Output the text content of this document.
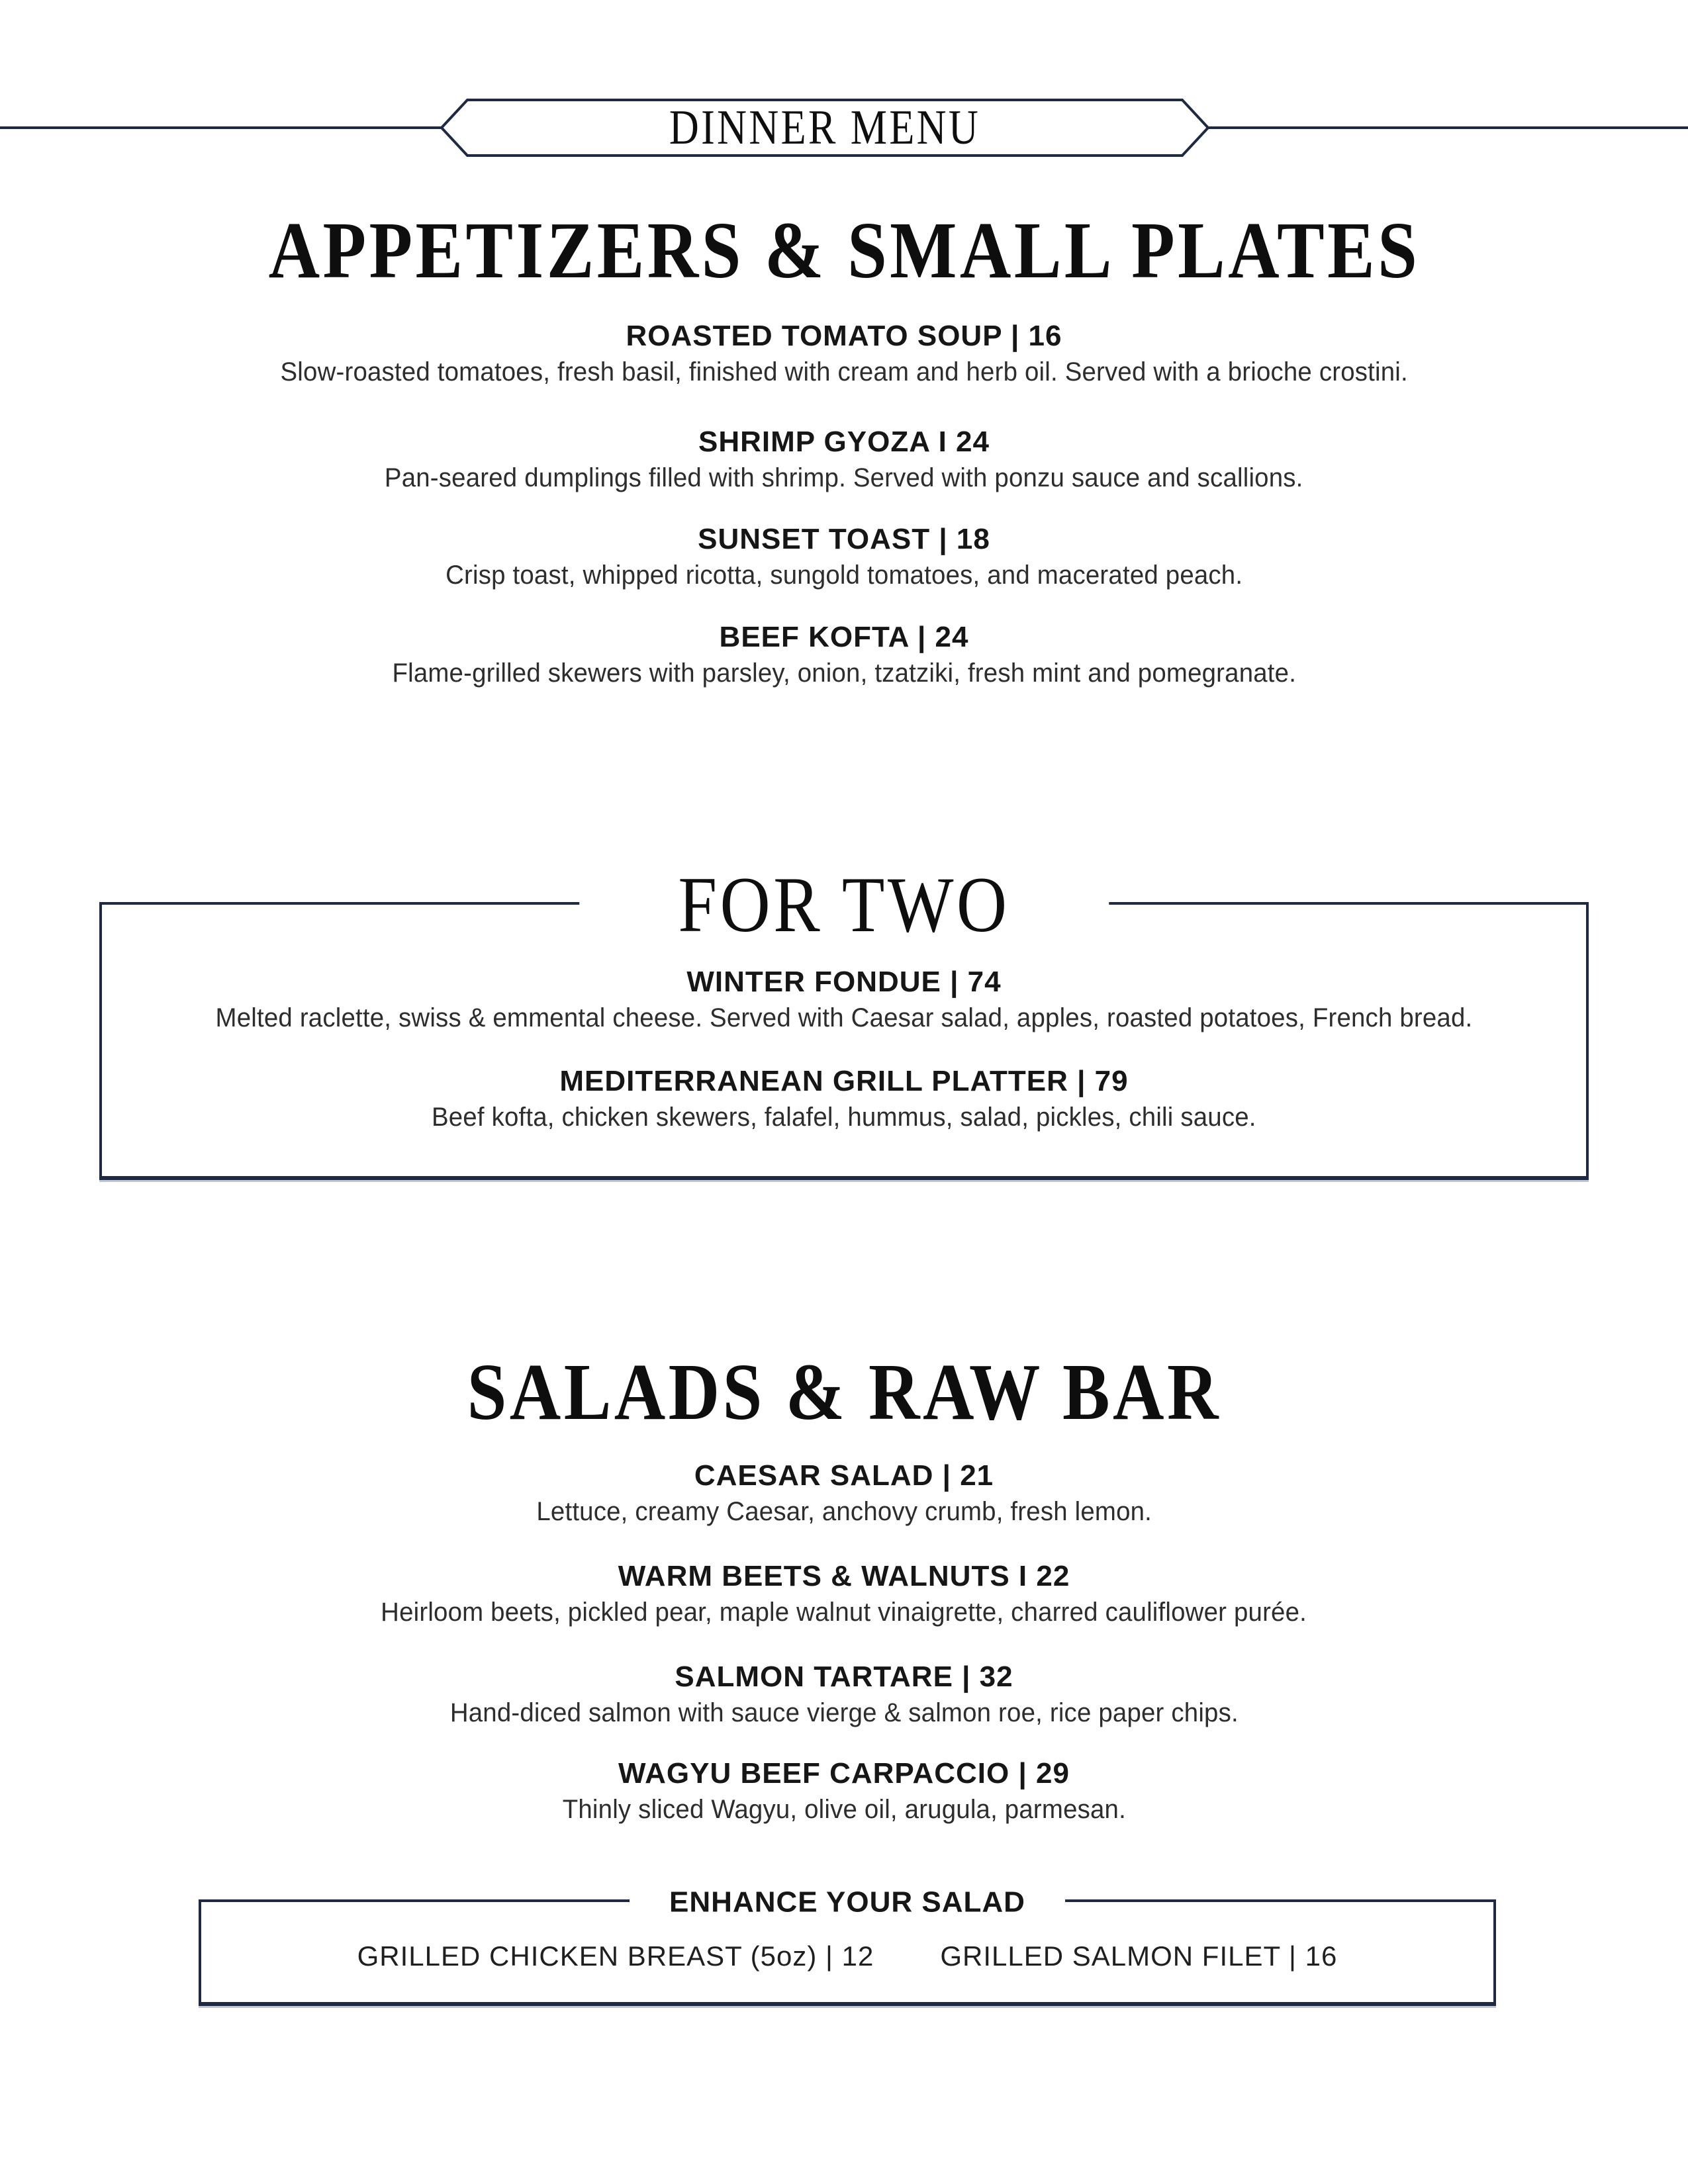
DINNER MENU
APPETIZERS & SMALL PLATES
ROASTED TOMATO SOUP | 16
Slow-roasted tomatoes, fresh basil, finished with cream and herb oil. Served with a brioche crostini.
SHRIMP GYOZA I 24
Pan-seared dumplings filled with shrimp. Served with ponzu sauce and scallions.
SUNSET TOAST | 18
Crisp toast, whipped ricotta, sungold tomatoes, and macerated peach.
BEEF KOFTA | 24
Flame-grilled skewers with parsley, onion, tzatziki, fresh mint and pomegranate.
FOR TWO
WINTER FONDUE | 74
Melted raclette, swiss & emmental cheese. Served with Caesar salad, apples, roasted potatoes, French bread.
MEDITERRANEAN GRILL PLATTER | 79
Beef kofta, chicken skewers, falafel, hummus, salad, pickles, chili sauce.
SALADS & RAW BAR
CAESAR SALAD | 21
Lettuce, creamy Caesar, anchovy crumb, fresh lemon.
WARM BEETS & WALNUTS I 22
Heirloom beets, pickled pear, maple walnut vinaigrette, charred cauliflower purée.
SALMON TARTARE | 32
Hand-diced salmon with sauce vierge & salmon roe, rice paper chips.
WAGYU BEEF CARPACCIO | 29
Thinly sliced Wagyu, olive oil, arugula, parmesan.
ENHANCE YOUR SALAD
GRILLED CHICKEN BREAST (5oz) | 12 GRILLED SALMON FILET | 16
